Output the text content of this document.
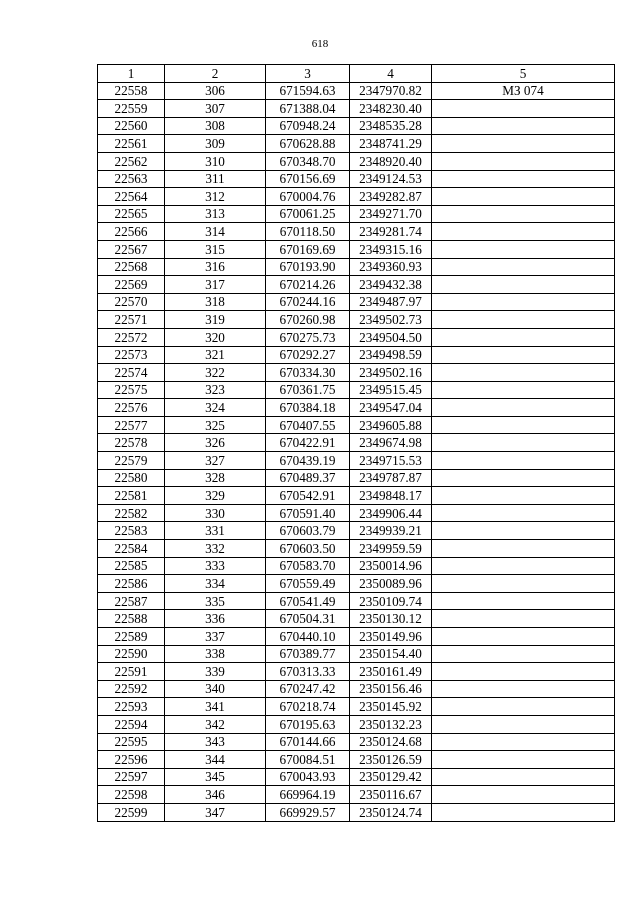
618
1	2	3	4	5
22558	306	671594.63	2347970.82	МЗ 074
22559	307	671388.04	2348230.40	
22560	308	670948.24	2348535.28	
22561	309	670628.88	2348741.29	
22562	310	670348.70	2348920.40	
22563	311	670156.69	2349124.53	
22564	312	670004.76	2349282.87	
22565	313	670061.25	2349271.70	
22566	314	670118.50	2349281.74	
22567	315	670169.69	2349315.16	
22568	316	670193.90	2349360.93	
22569	317	670214.26	2349432.38	
22570	318	670244.16	2349487.97	
22571	319	670260.98	2349502.73	
22572	320	670275.73	2349504.50	
22573	321	670292.27	2349498.59	
22574	322	670334.30	2349502.16	
22575	323	670361.75	2349515.45	
22576	324	670384.18	2349547.04	
22577	325	670407.55	2349605.88	
22578	326	670422.91	2349674.98	
22579	327	670439.19	2349715.53	
22580	328	670489.37	2349787.87	
22581	329	670542.91	2349848.17	
22582	330	670591.40	2349906.44	
22583	331	670603.79	2349939.21	
22584	332	670603.50	2349959.59	
22585	333	670583.70	2350014.96	
22586	334	670559.49	2350089.96	
22587	335	670541.49	2350109.74	
22588	336	670504.31	2350130.12	
22589	337	670440.10	2350149.96	
22590	338	670389.77	2350154.40	
22591	339	670313.33	2350161.49	
22592	340	670247.42	2350156.46	
22593	341	670218.74	2350145.92	
22594	342	670195.63	2350132.23	
22595	343	670144.66	2350124.68	
22596	344	670084.51	2350126.59	
22597	345	670043.93	2350129.42	
22598	346	669964.19	2350116.67	
22599	347	669929.57	2350124.74	
